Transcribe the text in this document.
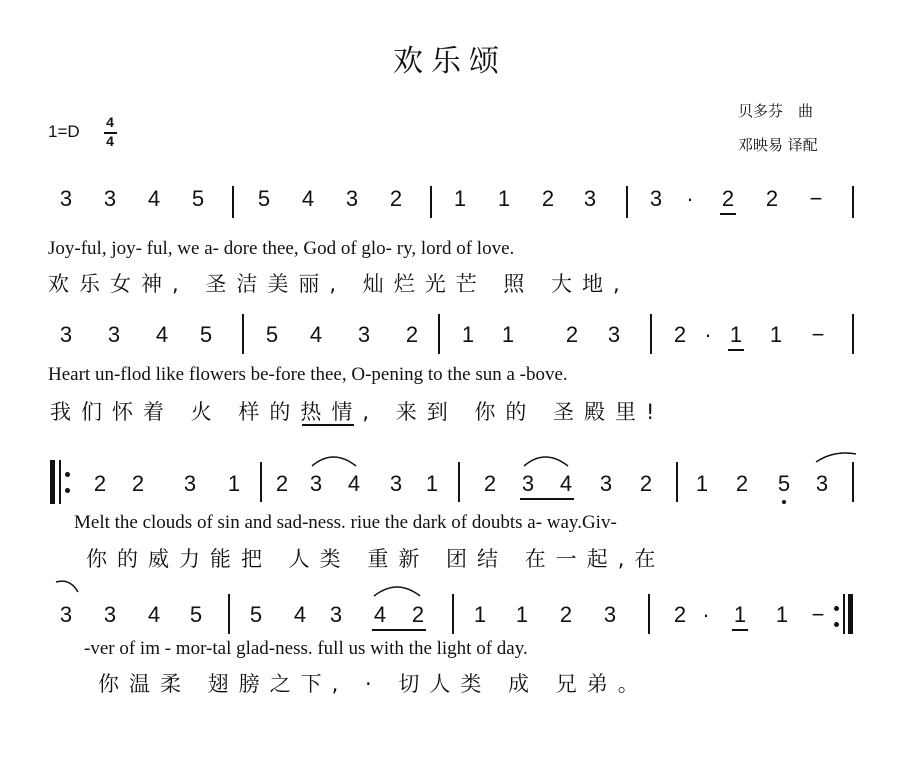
欢乐颂
贝多芬　曲
邓映易 译配
1=D 4
4
3 3 4 5 5 4 3 2 1 1 2 3 3 · 2 2 −
Joy-ful, joy- ful, we a- dore thee, God of glo- ry, lord of love.
欢乐女神, 圣洁美丽, 灿烂光芒 照 大地,
3 3 4 5 5 4 3 2 1 1 2 3 2 · 1 1 −
Heart un-flod like flowers be-fore thee, O-pening to the sun a -bove.
我们怀着 火 样的热情, 来到 你的 圣殿里!
2 2 3 1 2 3 4 3 1 2 3 4 3 2 1 2 5 3
Melt the clouds of sin and sad-ness. riue the dark of doubts a- way.Giv-
你的威力能把 人类 重新 团结 在一起,在
3 3 4 5 5 4 3 4 2 1 1 2 3	2 · 1 1 −
-ver of im - mor-tal glad-ness. full us with the light of day.
你温柔 翅膀之下, · 切人类 成 兄弟。
